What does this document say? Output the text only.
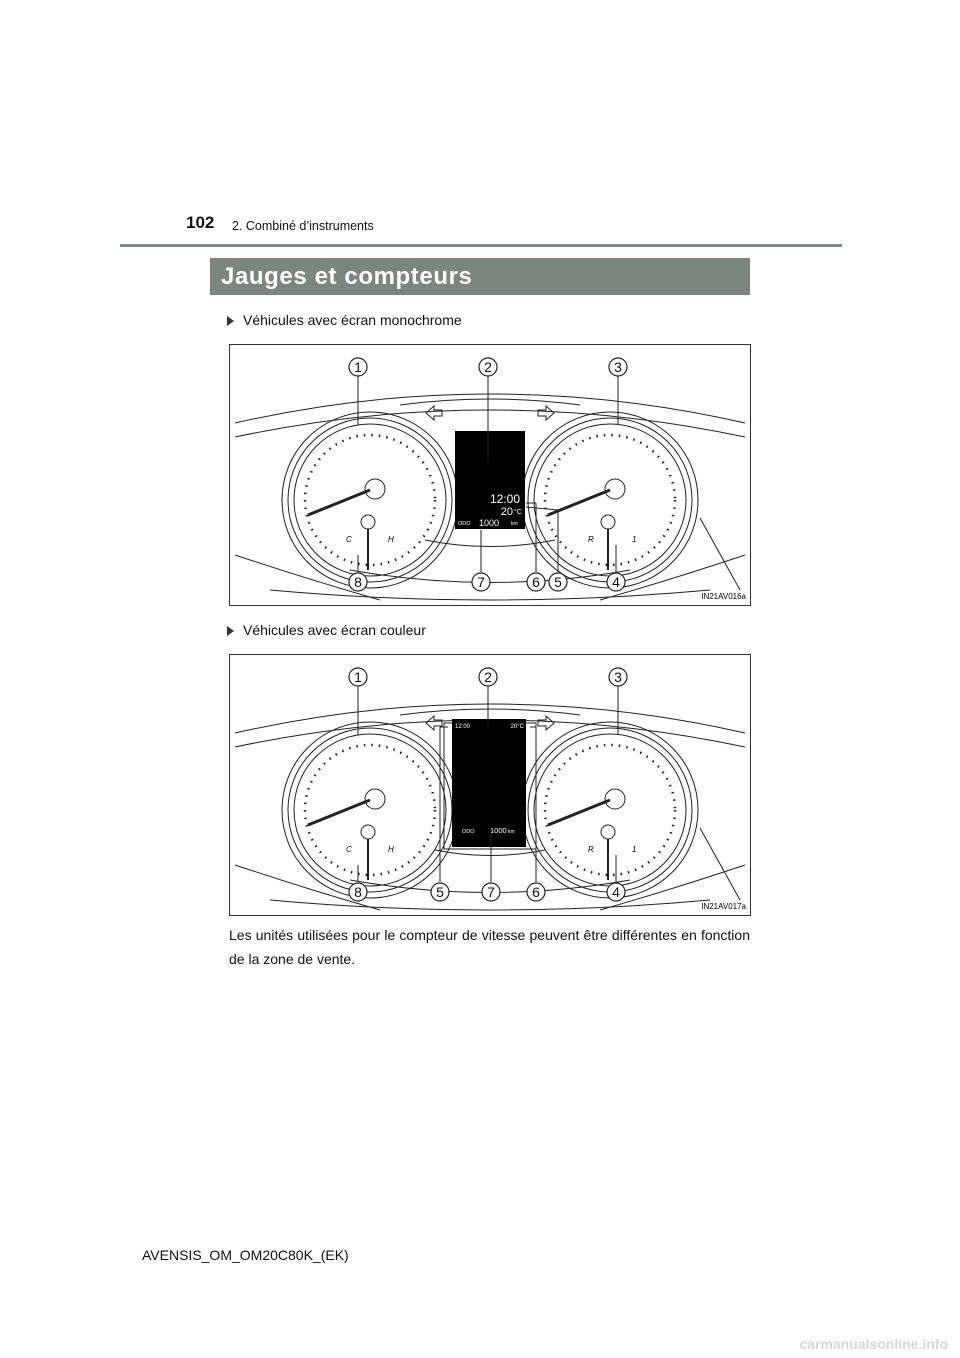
102 2. Combiné d’instruments
Jauges et compteurs
Véhicules avec écran monochrome
C	H	R	1
12:00
20 °C
ODO 1000 km
1	2	3
8	7	6 5	4
IN21AV016a
Véhicules avec écran couleur
C	H	R	1
12:00	20°C
ODO 1000 km
1	2	3
8	5	7	6	4
IN21AV017a
Les unités utilisées pour le compteur de vitesse peuvent être différentes en fonction de la zone de vente.
AVENSIS_OM_OM20C80K_(EK)
carmanualsonline.info
